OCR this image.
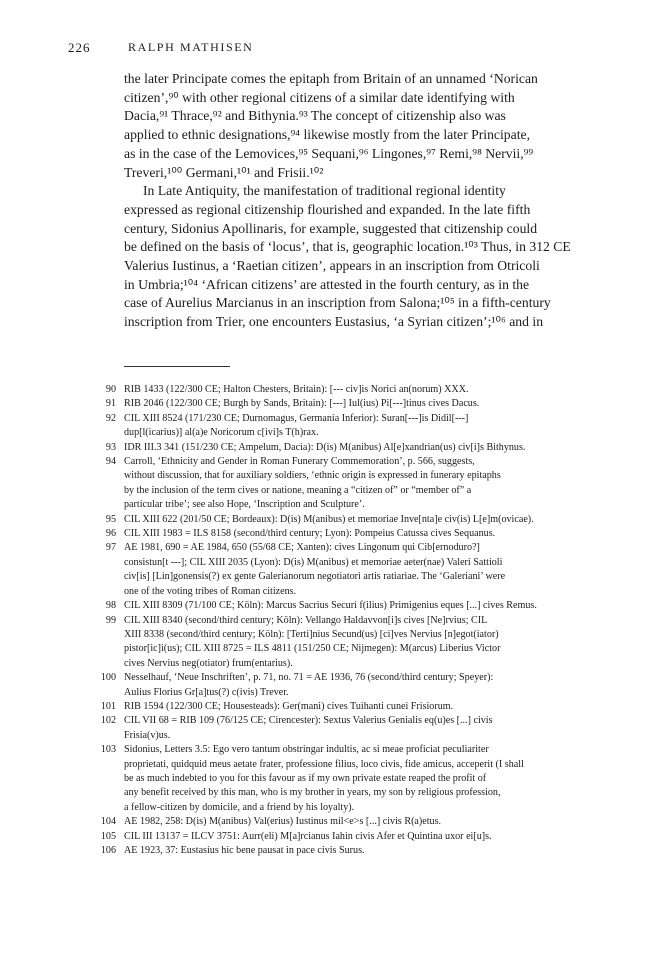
226	RALPH MATHISEN
the later Principate comes the epitaph from Britain of an unnamed ‘Norican
citizen’,⁹⁰ with other regional citizens of a similar date identifying with
Dacia,⁹¹ Thrace,⁹² and Bithynia.⁹³ The concept of citizenship also was
applied to ethnic designations,⁹⁴ likewise mostly from the later Principate,
as in the case of the Lemovices,⁹⁵ Sequani,⁹⁶ Lingones,⁹⁷ Remi,⁹⁸ Nervii,⁹⁹
Treveri,¹⁰⁰ Germani,¹⁰¹ and Frisii.¹⁰²
In Late Antiquity, the manifestation of traditional regional identity
expressed as regional citizenship flourished and expanded. In the late fifth
century, Sidonius Apollinaris, for example, suggested that citizenship could
be defined on the basis of ‘locus’, that is, geographic location.¹⁰³ Thus, in 312 CE
Valerius Iustinus, a ‘Raetian citizen’, appears in an inscription from Otricoli
in Umbria;¹⁰⁴ ‘African citizens’ are attested in the fourth century, as in the
case of Aurelius Marcianus in an inscription from Salona;¹⁰⁵ in a fifth-century
inscription from Trier, one encounters Eustasius, ‘a Syrian citizen’;¹⁰⁶ and in
90 RIB 1433 (122/300 CE; Halton Chesters, Britain): [--- civ]is Norici an(norum) XXX.
91 RIB 2046 (122/300 CE; Burgh by Sands, Britain): [---] Iul(ius) Pi[---]tinus cives Dacus.
92 CIL XIII 8524 (171/230 CE; Durnomagus, Germania Inferior): Suran[---]is Didil[---]
dup[l(icarius)] al(a)e Noricorum c[ivi]s T(h)rax.
93 IDR III.3 341 (151/230 CE; Ampelum, Dacia): D(is) M(anibus) Al[e]xandrian(us) civ[i]s Bithynus.
94 Carroll, ‘Ethnicity and Gender in Roman Funerary Commemoration’, p. 566, suggests,
without discussion, that for auxiliary soldiers, ‘ethnic origin is expressed in funerary epitaphs
by the inclusion of the term cives or natione, meaning a “citizen of” or “member of” a
particular tribe’; see also Hope, ‘Inscription and Sculpture’.
95 CIL XIII 622 (201/50 CE; Bordeaux): D(is) M(anibus) et memoriae Inve[nta]e civ(is) L[e]m(ovicae).
96 CIL XIII 1983 = ILS 8158 (second/third century; Lyon): Pompeius Catussa cives Sequanus.
97 AE 1981, 690 = AE 1984, 650 (55/68 CE; Xanten): cives Lingonum qui Cib[ernoduro?]
consistun[t ---]; CIL XIII 2035 (Lyon): D(is) M(anibus) et memoriae aeter(nae) Valeri Sattioli
civ[is] [Lin]gonensis(?) ex gente Galerianorum negotiatori artis ratiariae. The ‘Galeriani’ were
one of the voting tribes of Roman citizens.
98 CIL XIII 8309 (71/100 CE; Köln): Marcus Sacrius Securi f(ilius) Primigenius eques [...] cives Remus.
99 CIL XIII 8340 (second/third century; Köln): Vellango Haldavvon[i]s cives [Ne]rvius; CIL
XIII 8338 (second/third century; Köln): [Terti]nius Secund(us) [ci]ves Nervius [n]egot(iator)
pistor[ic]i(us); CIL XIII 8725 = ILS 4811 (151/250 CE; Nijmegen): M(arcus) Liberius Victor
cives Nervius neg(otiator) frum(entarius).
100 Nesselhauf, ‘Neue Inschriften’, p. 71, no. 71 = AE 1936, 76 (second/third century; Speyer):
Aulius Florius Gr[a]tus(?) c(ivis) Trever.
101 RIB 1594 (122/300 CE; Housesteads): Ger(mani) cives Tuihanti cunei Frisiorum.
102 CIL VII 68 = RIB 109 (76/125 CE; Cirencester): Sextus Valerius Genialis eq(u)es [...] civis
Frisia(v)us.
103 Sidonius, Letters 3.5: Ego vero tantum obstringar indultis, ac si meae proficiat peculiariter
proprietati, quidquid meus aetate frater, professione filius, loco civis, fide amicus, acceperit (I shall
be as much indebted to you for this favour as if my own private estate reaped the profit of
any benefit received by this man, who is my brother in years, my son by religious profession,
a fellow-citizen by domicile, and a friend by his loyalty).
104 AE 1982, 258: D(is) M(anibus) Val(erius) Iustinus mil<e>s [...] civis R(a)etus.
105 CIL III 13137 = ILCV 3751: Aurr(eli) M[a]rcianus Iahin civis Afer et Quintina uxor ei[u]s.
106 AE 1923, 37: Eustasius hic bene pausat in pace civis Surus.
